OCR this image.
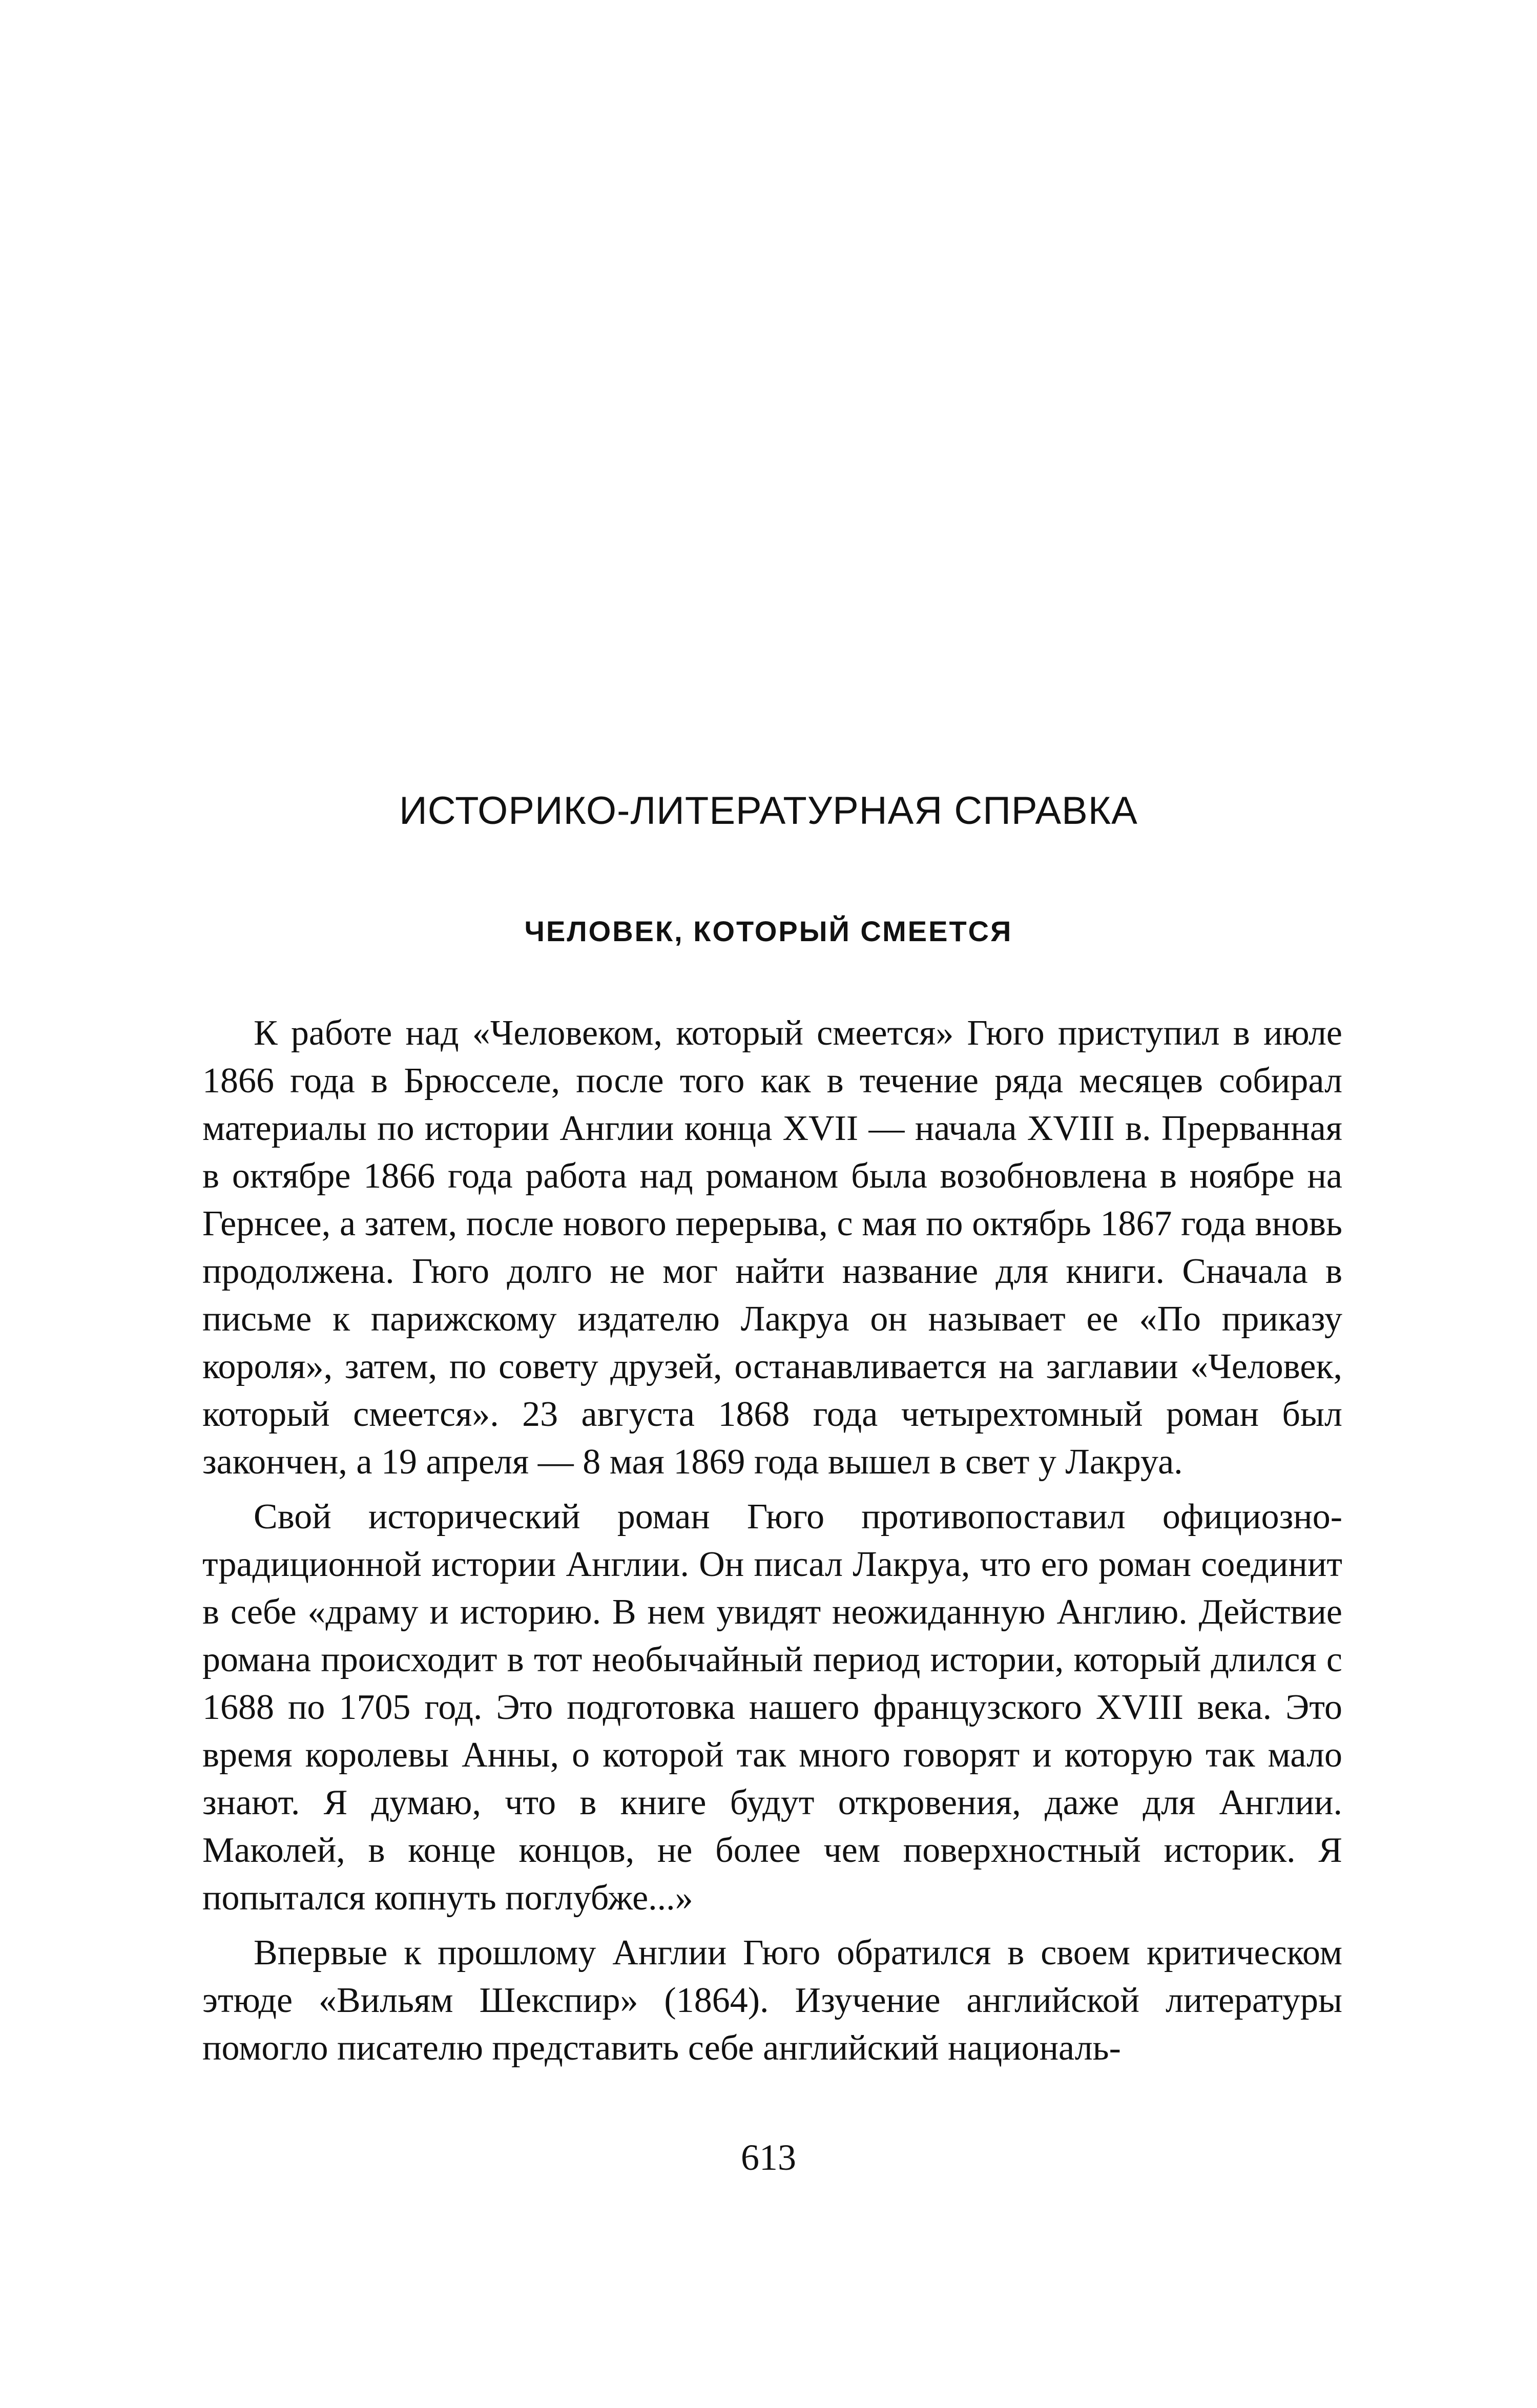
ИСТОРИКО-ЛИТЕРАТУРНАЯ СПРАВКА
ЧЕЛОВЕК, КОТОРЫЙ СМЕЕТСЯ

К работе над «Человеком, который смеется» Гюго приступил в июле 1866 года в Брюсселе, после того как в течение ряда месяцев собирал материалы по истории Англии конца XVII — начала XVIII в. Прерванная в октябре 1866 года работа над романом была возобновлена в ноябре на Гернсее, а затем, после нового перерыва, с мая по октябрь 1867 года вновь продолжена. Гюго долго не мог найти название для книги. Сначала в письме к парижскому издателю Лакруа он называет ее «По приказу короля», затем, по совету друзей, останавливается на заглавии «Человек, который смеется». 23 августа 1868 года четырехтомный роман был закончен, а 19 апреля — 8 мая 1869 года вышел в свет у Лакруа.

Свой исторический роман Гюго противопоставил официозно-традиционной истории Англии. Он писал Лакруа, что его роман соединит в себе «драму и историю. В нем увидят неожиданную Англию. Действие романа происходит в тот необычайный период истории, который длился с 1688 по 1705 год. Это подготовка нашего французского XVIII века. Это время королевы Анны, о которой так много говорят и которую так мало знают. Я думаю, что в книге будут откровения, даже для Англии. Маколей, в конце концов, не более чем поверхностный историк. Я попытался копнуть поглубже...»

Впервые к прошлому Англии Гюго обратился в своем критическом этюде «Вильям Шекспир» (1864). Изучение английской литературы помогло писателю представить себе английский националь-

613
